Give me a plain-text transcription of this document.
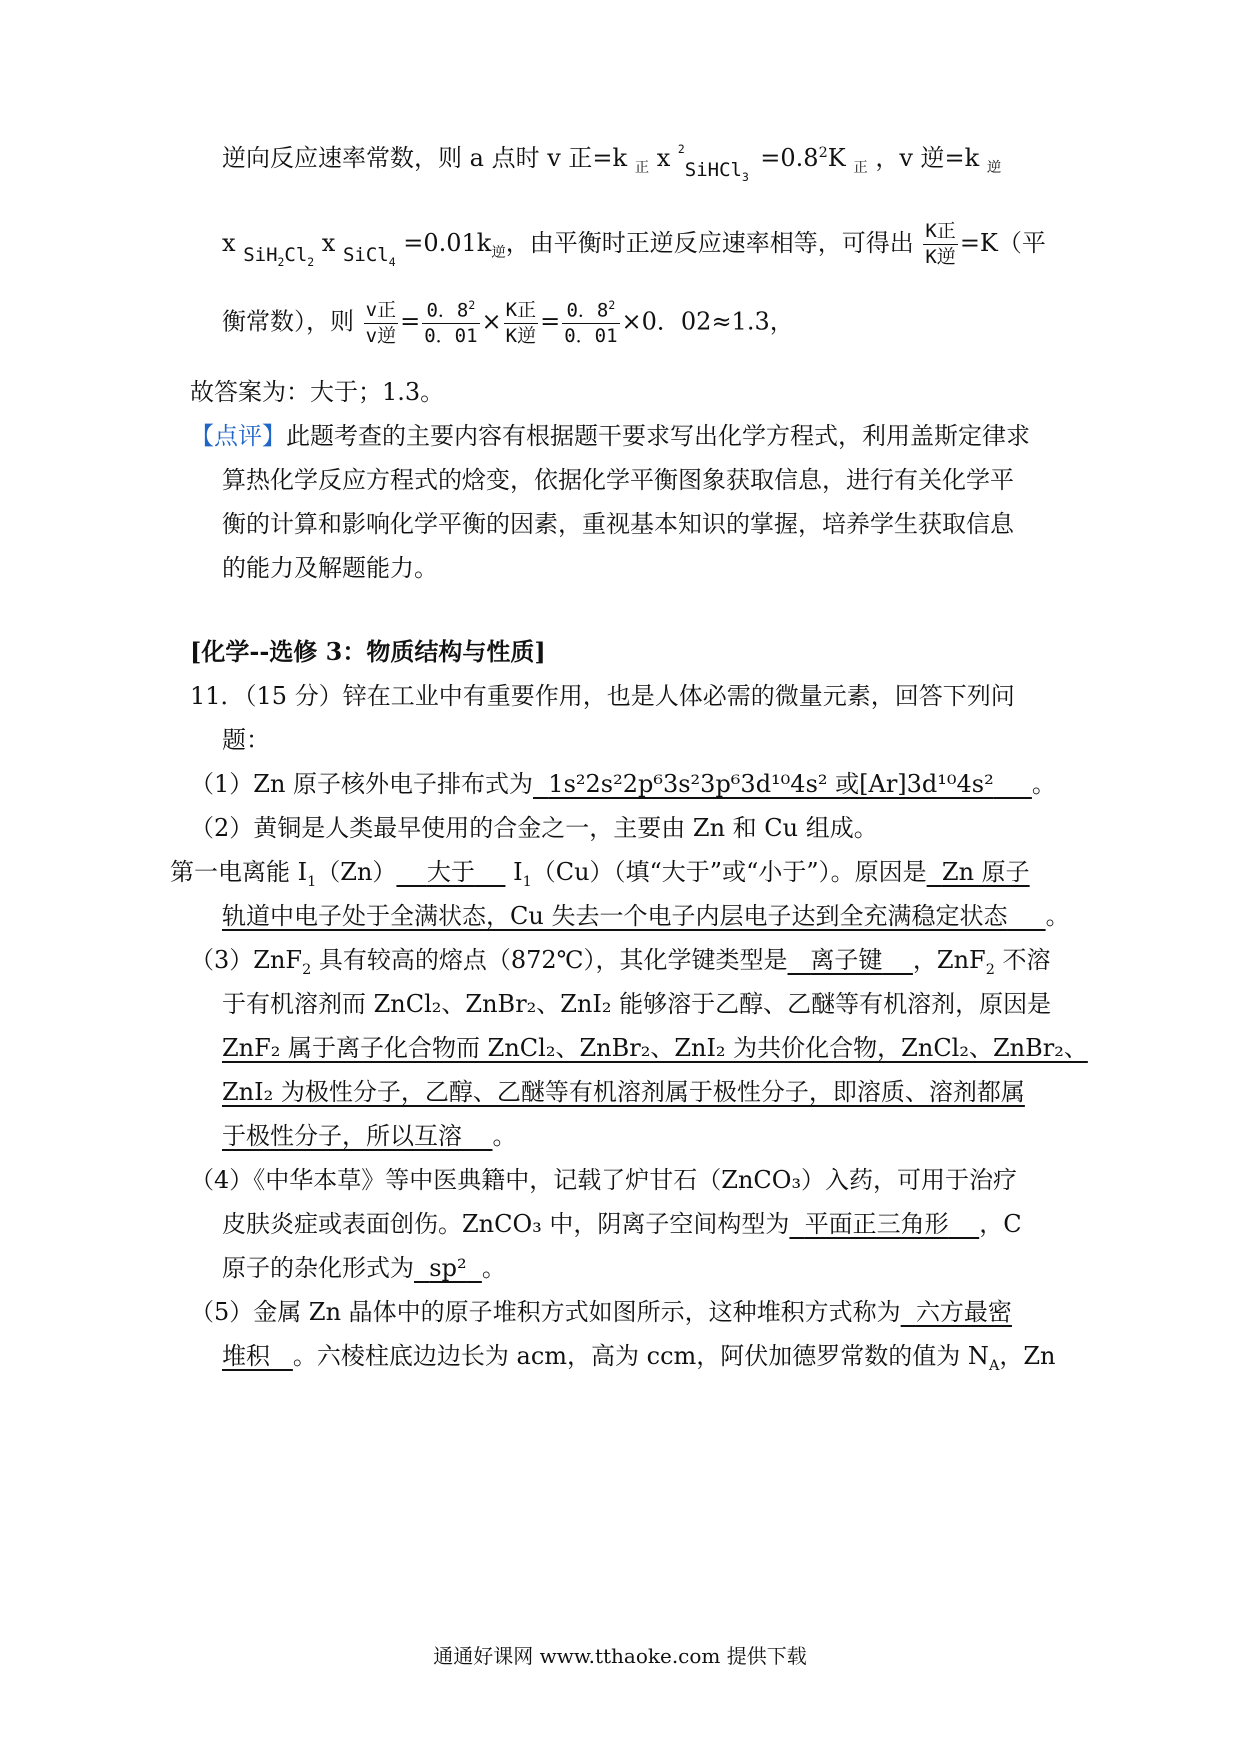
逆向反应速率常数，则 a 点时 v 正=k $_正$ x $_{^2SiHCl_3} =0.8^2K$ $_正$ ，v 逆=k $_逆$
x $_{SiH_2Cl_2}$ x $_{SiCl_4} =0.01k_逆$，由平衡时正逆反应速率相等，可得出 $\frac{\text{K正}}{\text{K逆}} =K$（平
衡常数），则 $\frac{\text{v正}}{\text{v逆}} = \frac{0.8^2}{0.01} \times \frac{\text{K正}}{\text{K逆}} = \frac{0.8^2}{0.01} \times 0$．02≈1.3，
故答案为：大于；1.3。
【点评】此题考查的主要内容有根据题干要求写出化学方程式，利用盖斯定律求
算热化学反应方程式的焓变，依据化学平衡图象获取信息，进行有关化学平
衡的计算和影响化学平衡的因素，重视基本知识的掌握，培养学生获取信息
的能力及解题能力。
[化学--选修 3：物质结构与性质]
11．（15 分）锌在工业中有重要作用，也是人体必需的微量元素，回答下列问
题：
（1）Zn 原子核外电子排布式为 1s²2s²2p⁶3s²3p⁶3d¹⁰4s² 或[Ar]3d¹⁰4s² 。
（2）黄铜是人类最早使用的合金之一，主要由 Zn 和 Cu 组成。
第一电离能 $I_1(Zn)$ 大于 $I_1(Cu)$（填“大于”或“小于”）。原因是 Zn 原子
轨道中电子处于全满状态，Cu 失去一个电子内层电子达到全充满稳定状态 。
（3）ZnF$_2$ 具有较高的熔点（872℃），其化学键类型是 离子键 ，ZnF$_2$ 不溶
于有机溶剂而 ZnCl₂、ZnBr₂、ZnI₂ 能够溶于乙醇、乙醚等有机溶剂，原因是
ZnF₂ 属于离子化合物而 ZnCl₂、ZnBr₂、ZnI₂ 为共价化合物，ZnCl₂、ZnBr₂、
ZnI₂ 为极性分子，乙醇、乙醚等有机溶剂属于极性分子，即溶质、溶剂都属
于极性分子，所以互溶 。
（4）《中华本草》等中医典籍中，记载了炉甘石（ZnCO₃）入药，可用于治疗
皮肤炎症或表面创伤。ZnCO₃ 中，阴离子空间构型为 平面正三角形 ，C
原子的杂化形式为 sp² 。
（5）金属 Zn 晶体中的原子堆积方式如图所示，这种堆积方式称为 六方最密
堆积 。六棱柱底边边长为 acm，高为 ccm，阿伏加德罗常数的值为 $N_A$，Zn
通通好课网 www.tthaoke.com 提供下载
